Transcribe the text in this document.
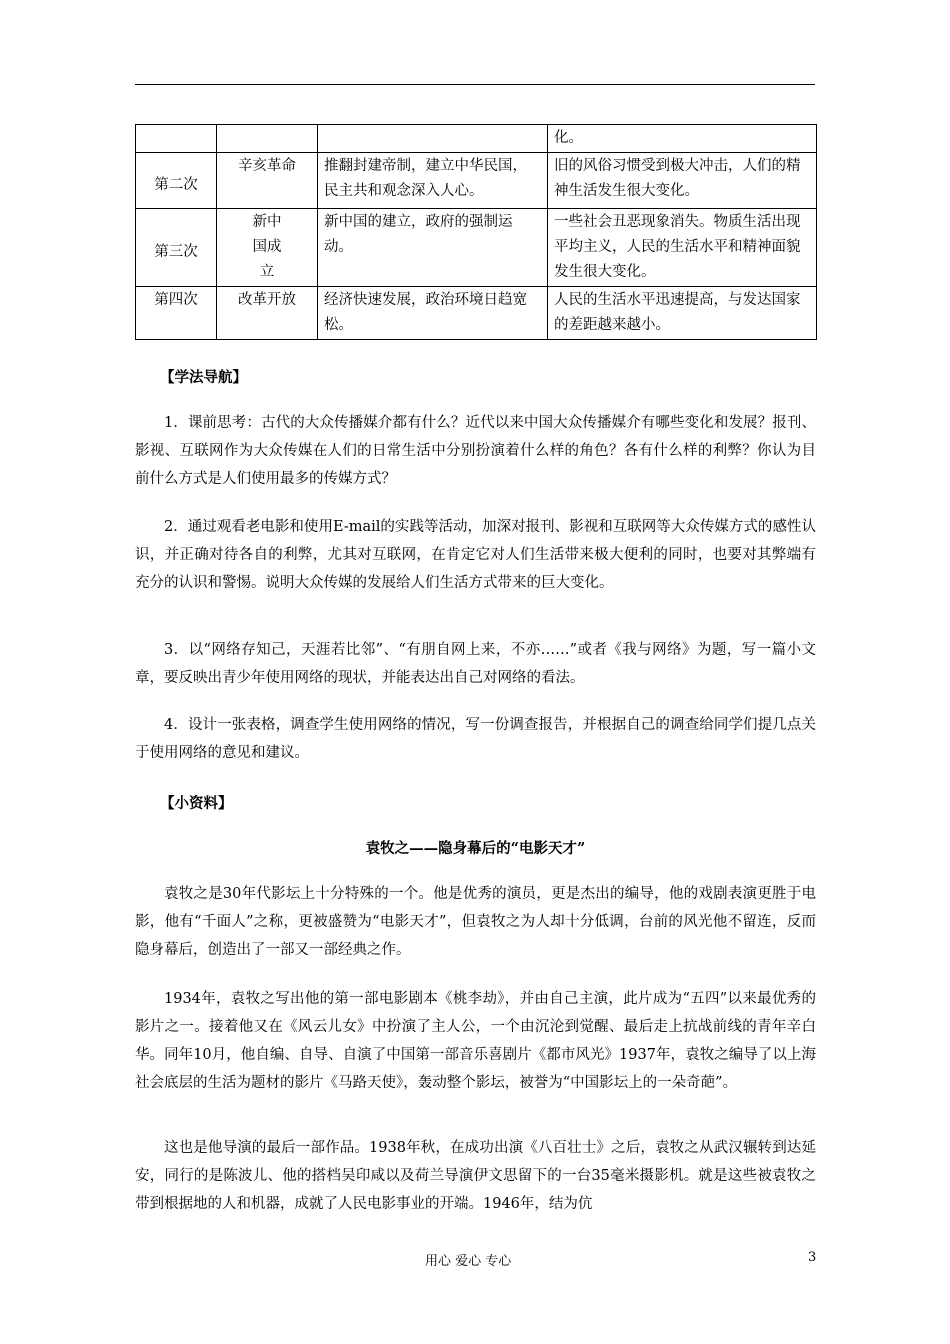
			化。
第二次	辛亥革命	推翻封建帝制，建立中华民国，民主共和观念深入人心。	旧的风俗习惯受到极大冲击，人们的精神生活发生很大变化。
第三次	新中国成立	新中国的建立，政府的强制运动。	一些社会丑恶现象消失。物质生活出现平均主义，人民的生活水平和精神面貌发生很大变化。
第四次	改革开放	经济快速发展，政治环境日趋宽松。	人民的生活水平迅速提高，与发达国家的差距越来越小。
【学法导航】

1．课前思考：古代的大众传播媒介都有什么？近代以来中国大众传播媒介有哪些变化和发展？报刊、影视、互联网作为大众传媒在人们的日常生活中分别扮演着什么样的角色？各有什么样的利弊？你认为目前什么方式是人们使用最多的传媒方式？

2．通过观看老电影和使用E-mail的实践等活动，加深对报刊、影视和互联网等大众传媒方式的感性认识，并正确对待各自的利弊，尤其对互联网，在肯定它对人们生活带来极大便利的同时，也要对其弊端有充分的认识和警惕。说明大众传媒的发展给人们生活方式带来的巨大变化。

3．以“网络存知己，天涯若比邻”、“有朋自网上来，不亦……”或者《我与网络》为题，写一篇小文章，要反映出青少年使用网络的现状，并能表达出自己对网络的看法。

4．设计一张表格，调查学生使用网络的情况，写一份调查报告，并根据自己的调查给同学们提几点关于使用网络的意见和建议。

【小资料】
袁牧之——隐身幕后的“电影天才”

袁牧之是30年代影坛上十分特殊的一个。他是优秀的演员，更是杰出的编导，他的戏剧表演更胜于电影，他有“千面人”之称，更被盛赞为“电影天才”，但袁牧之为人却十分低调，台前的风光他不留连，反而隐身幕后，创造出了一部又一部经典之作。

1934年，袁牧之写出他的第一部电影剧本《桃李劫》，并由自己主演，此片成为“五四”以来最优秀的影片之一。接着他又在《风云儿女》中扮演了主人公，一个由沉沦到觉醒、最后走上抗战前线的青年辛白华。同年10月，他自编、自导、自演了中国第一部音乐喜剧片《都市风光》1937年，袁牧之编导了以上海社会底层的生活为题材的影片《马路天使》，轰动整个影坛，被誉为“中国影坛上的一朵奇葩”。

这也是他导演的最后一部作品。1938年秋，在成功出演《八百壮士》之后，袁牧之从武汉辗转到达延安，同行的是陈波儿、他的搭档吴印咸以及荷兰导演伊文思留下的一台35毫米摄影机。就是这些被袁牧之带到根据地的人和机器，成就了人民电影事业的开端。1946年，结为伉

用心 爱心 专心	3
